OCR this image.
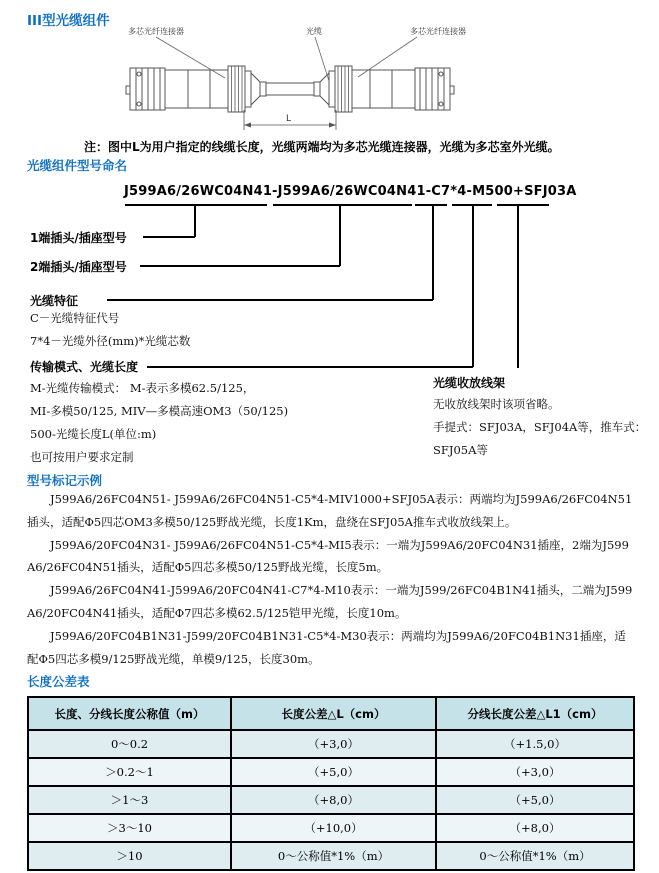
III型光缆组件
多芯光纤连接器	光缆	多芯光纤连接器
L
注：图中L为用户指定的线缆长度，光缆两端均为多芯光缆连接器，光缆为多芯室外光缆。
光缆组件型号命名
J599A6/26WC04N41-J599A6/26WC04N41-C7*4-M500+SFJ03A
1端插头/插座型号
2端插头/插座型号
光缆特征
C－光缆特征代号
7*4－光缆外径(mm)*光缆芯数
传输模式、光缆长度
M-光缆传输模式： M-表示多模62.5/125，
MI-多模50/125, MIV—多模高速OM3（50/125)
500-光缆长度L(单位:m)
也可按用户要求定制
光缆收放线架
无收放线架时该项省略。
手提式：SFJ03A，SFJ04A等，推车式：
SFJ05A等
型号标记示例

J599A6/26FC04N51- J599A6/26FC04N51-C5*4-MIV1000+SFJ05A表示：两端均为J599A6/26FC04N51插头，适配Φ5四芯OM3多模50/125野战光缆，长度1Km，盘绕在SFJ05A推车式收放线架上。

J599A6/20FC04N31- J599A6/26FC04N51-C5*4-MI5表示：一端为J599A6/20FC04N31插座，2端为J599A6/26FC04N51插头，适配Φ5四芯多模50/125野战光缆，长度5m。

J599A6/26FC04N41-J599A6/20FC04N41-C7*4-M10表示：一端为J599/26FC04B1N41插头，二端为J599A6/20FC04N41插头，适配Φ7四芯多模62.5/125铠甲光缆，长度10m。

J599A6/20FC04B1N31-J599/20FC04B1N31-C5*4-M30表示：两端均为J599A6/20FC04B1N31插座，适配Φ5四芯多模9/125野战光缆，单模9/125，长度30m。

长度公差表
长度、分线长度公称值（m）	长度公差△L（cm）	分线长度公差△L1（cm）
0～0.2	（+3,0）	（+1.5,0）
＞0.2～1	（+5,0）	（+3,0）
＞1～3	（+8,0）	（+5,0）
＞3～10	（+10,0）	（+8,0）
＞10	0～公称值*1%（m）	0～公称值*1%（m）
